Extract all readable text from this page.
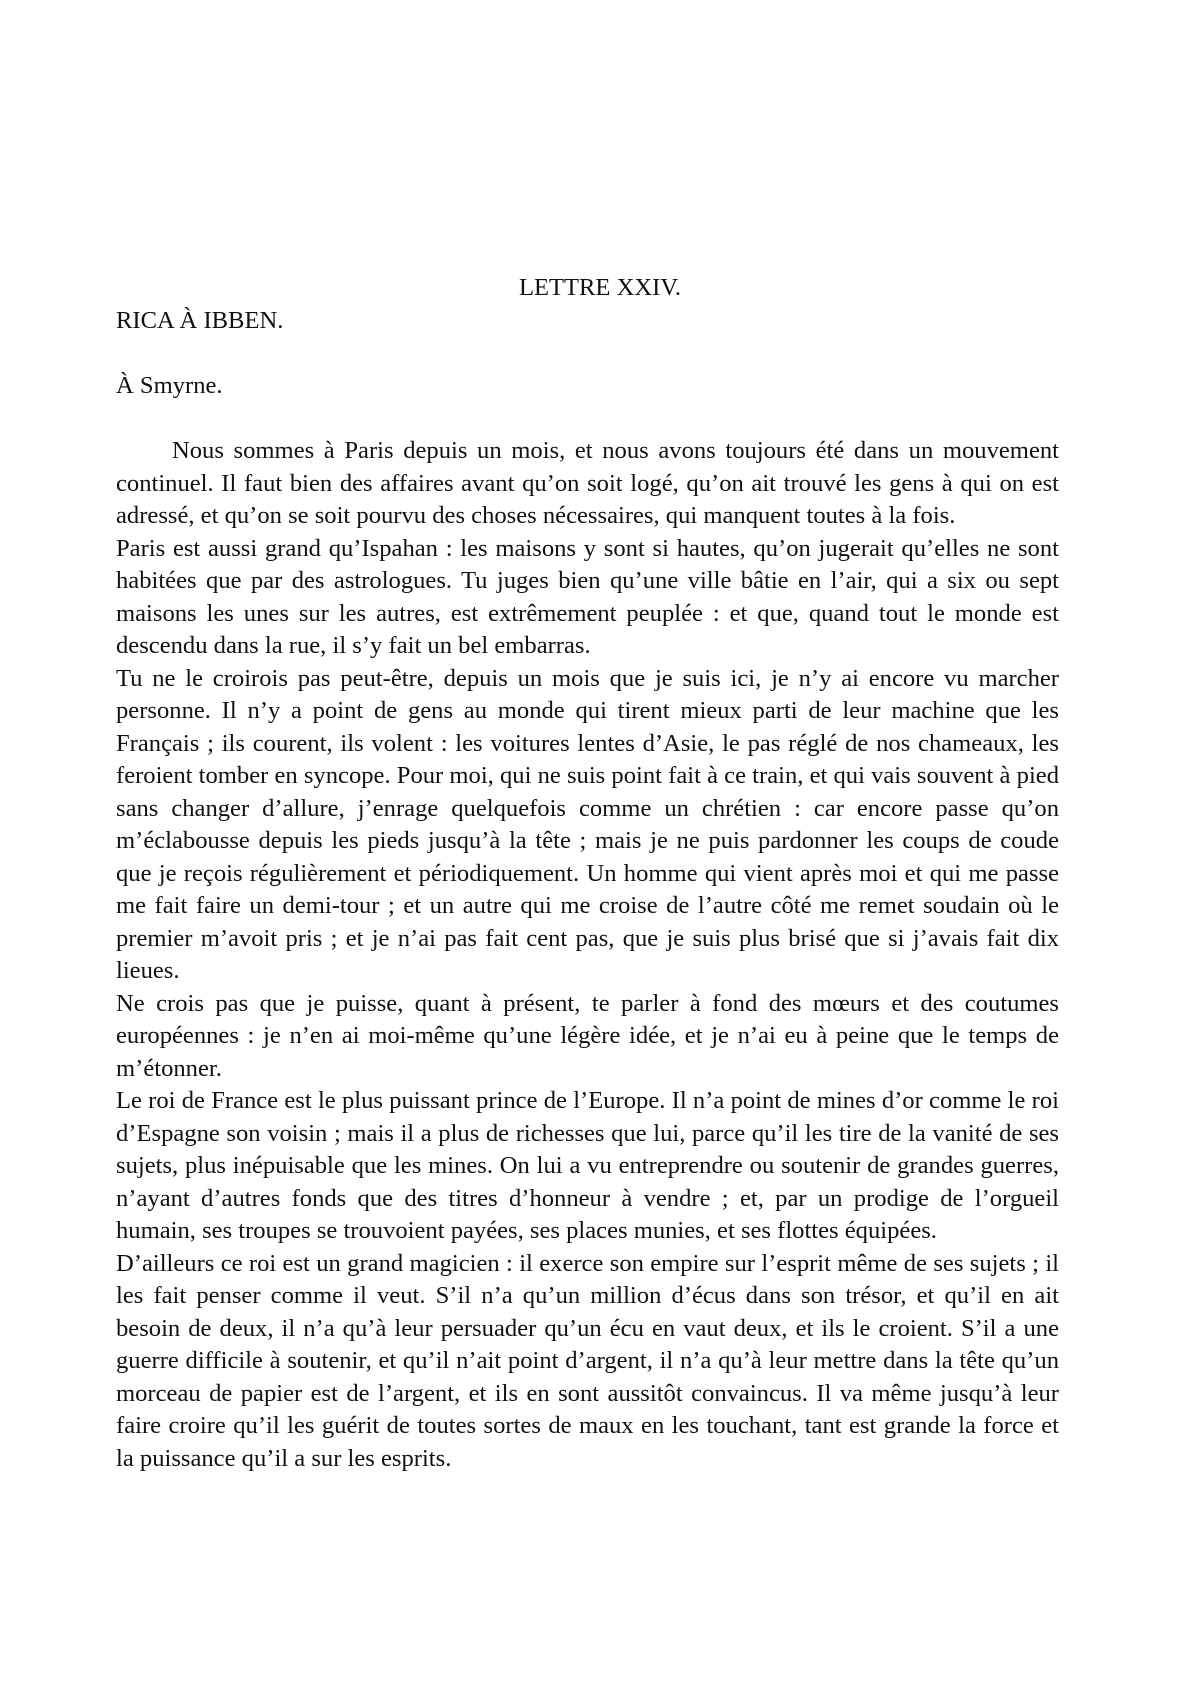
LETTRE XXIV.
RICA À IBBEN.
À Smyrne.

Nous sommes à Paris depuis un mois, et nous avons toujours été dans un mouvement continuel. Il faut bien des affaires avant qu’on soit logé, qu’on ait trouvé les gens à qui on est adressé, et qu’on se soit pourvu des choses nécessaires, qui manquent toutes à la fois.

Paris est aussi grand qu’Ispahan : les maisons y sont si hautes, qu’on jugerait qu’elles ne sont habitées que par des astrologues. Tu juges bien qu’une ville bâtie en l’air, qui a six ou sept maisons les unes sur les autres, est extrêmement peuplée : et que, quand tout le monde est descendu dans la rue, il s’y fait un bel embarras.

Tu ne le croirois pas peut-être, depuis un mois que je suis ici, je n’y ai encore vu marcher personne. Il n’y a point de gens au monde qui tirent mieux parti de leur machine que les Français ; ils courent, ils volent : les voitures lentes d’Asie, le pas réglé de nos chameaux, les feroient tomber en syncope. Pour moi, qui ne suis point fait à ce train, et qui vais souvent à pied sans changer d’allure, j’enrage quelquefois comme un chrétien : car encore passe qu’on m’éclabousse depuis les pieds jusqu’à la tête ; mais je ne puis pardonner les coups de coude que je reçois régulièrement et périodiquement. Un homme qui vient après moi et qui me passe me fait faire un demi-tour ; et un autre qui me croise de l’autre côté me remet soudain où le premier m’avoit pris ; et je n’ai pas fait cent pas, que je suis plus brisé que si j’avais fait dix lieues.

Ne crois pas que je puisse, quant à présent, te parler à fond des mœurs et des coutumes européennes : je n’en ai moi-même qu’une légère idée, et je n’ai eu à peine que le temps de m’étonner.

Le roi de France est le plus puissant prince de l’Europe. Il n’a point de mines d’or comme le roi d’Espagne son voisin ; mais il a plus de richesses que lui, parce qu’il les tire de la vanité de ses sujets, plus inépuisable que les mines. On lui a vu entreprendre ou soutenir de grandes guerres, n’ayant d’autres fonds que des titres d’honneur à vendre ; et, par un prodige de l’orgueil humain, ses troupes se trouvoient payées, ses places munies, et ses flottes équipées.

D’ailleurs ce roi est un grand magicien : il exerce son empire sur l’esprit même de ses sujets ; il les fait penser comme il veut. S’il n’a qu’un million d’écus dans son trésor, et qu’il en ait besoin de deux, il n’a qu’à leur persuader qu’un écu en vaut deux, et ils le croient. S’il a une guerre difficile à soutenir, et qu’il n’ait point d’argent, il n’a qu’à leur mettre dans la tête qu’un morceau de papier est de l’argent, et ils en sont aussitôt convaincus. Il va même jusqu’à leur faire croire qu’il les guérit de toutes sortes de maux en les touchant, tant est grande la force et la puissance qu’il a sur les esprits.
